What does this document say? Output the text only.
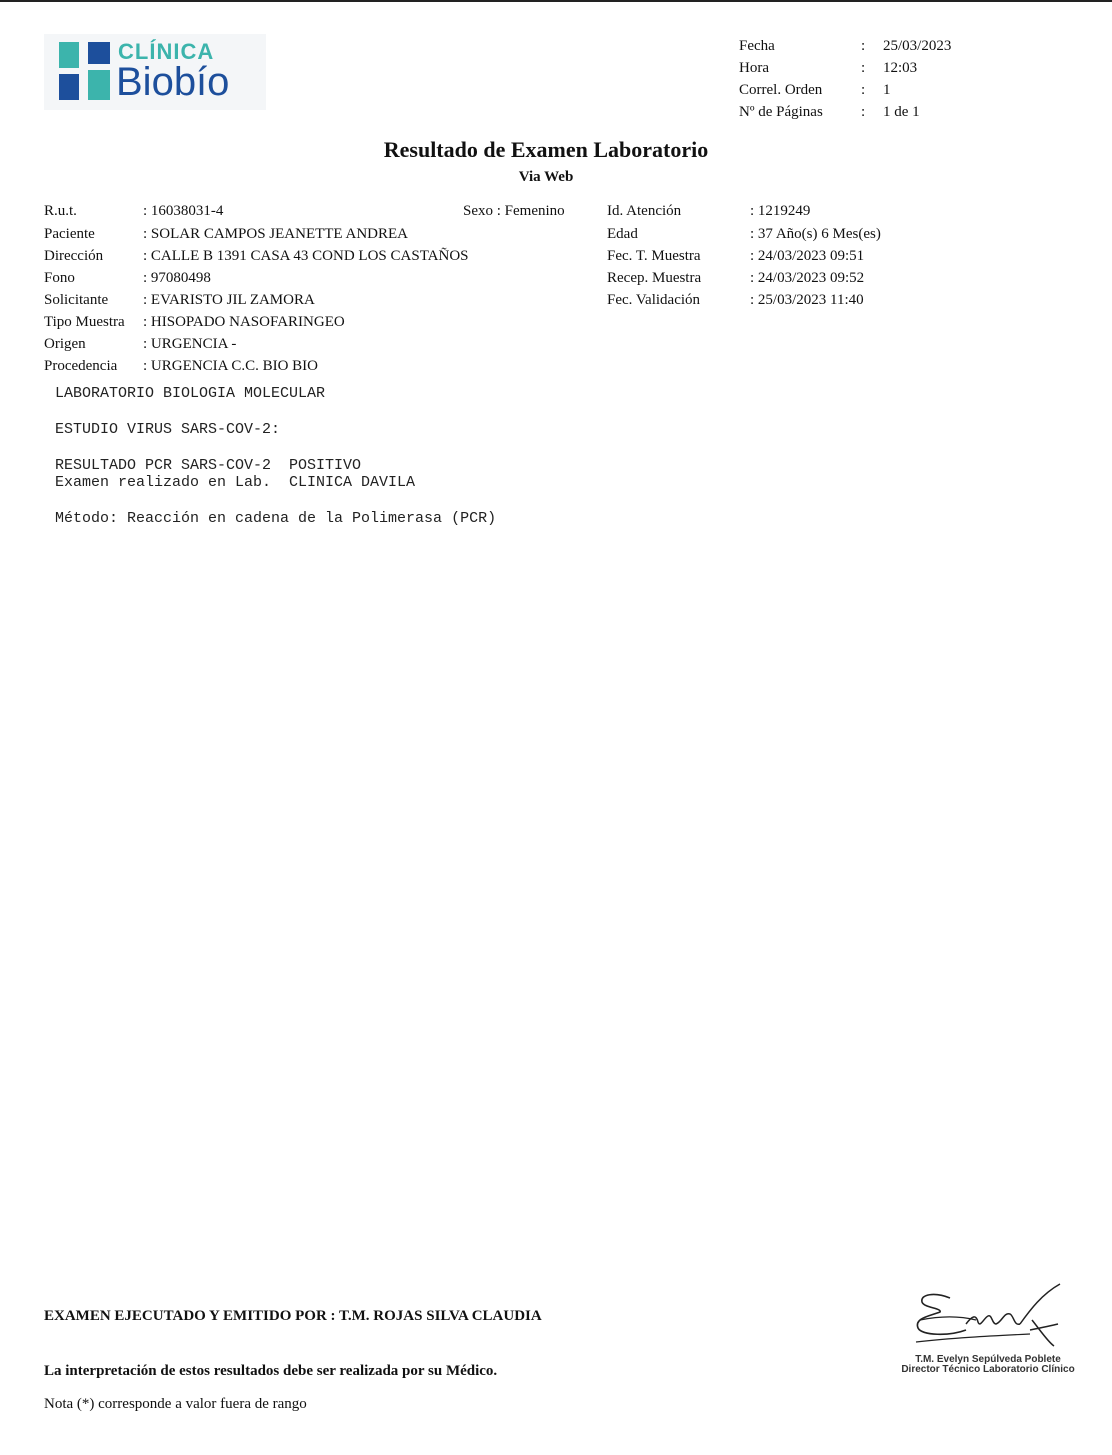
CLÍNICA
Biobío
Fecha	: 25/03/2023
Hora	: 12:03
Correl. Orden	: 1
Nº de Páginas	: 1 de 1
Resultado de Examen Laboratorio
Via Web
R.u.t.	: 16038031-4	Sexo : Femenino
Paciente	: SOLAR CAMPOS JEANETTE ANDREA
Dirección	: CALLE B 1391 CASA 43 COND LOS CASTAÑOS
Fono	: 97080498
Solicitante : EVARISTO JIL ZAMORA
Tipo Muestra : HISOPADO NASOFARINGEO
Origen	: URGENCIA -
Procedencia : URGENCIA C.C. BIO BIO
Id. Atención	: 1219249
Edad	: 37 Año(s) 6 Mes(es)
Fec. T. Muestra	: 24/03/2023 09:51
Recep. Muestra	: 24/03/2023 09:52
Fec. Validación	: 25/03/2023 11:40
LABORATORIO BIOLOGIA MOLECULAR
ESTUDIO VIRUS SARS-COV-2:
RESULTADO PCR SARS-COV-2  POSITIVO
Examen realizado en Lab.  CLINICA DAVILA
Método: Reacción en cadena de la Polimerasa (PCR)
EXAMEN EJECUTADO Y EMITIDO POR : T.M. ROJAS SILVA CLAUDIA
La interpretación de estos resultados debe ser realizada por su Médico.
Nota (*) corresponde a valor fuera de rango
T.M. Evelyn Sepúlveda Poblete
Director Técnico Laboratorio Clínico
